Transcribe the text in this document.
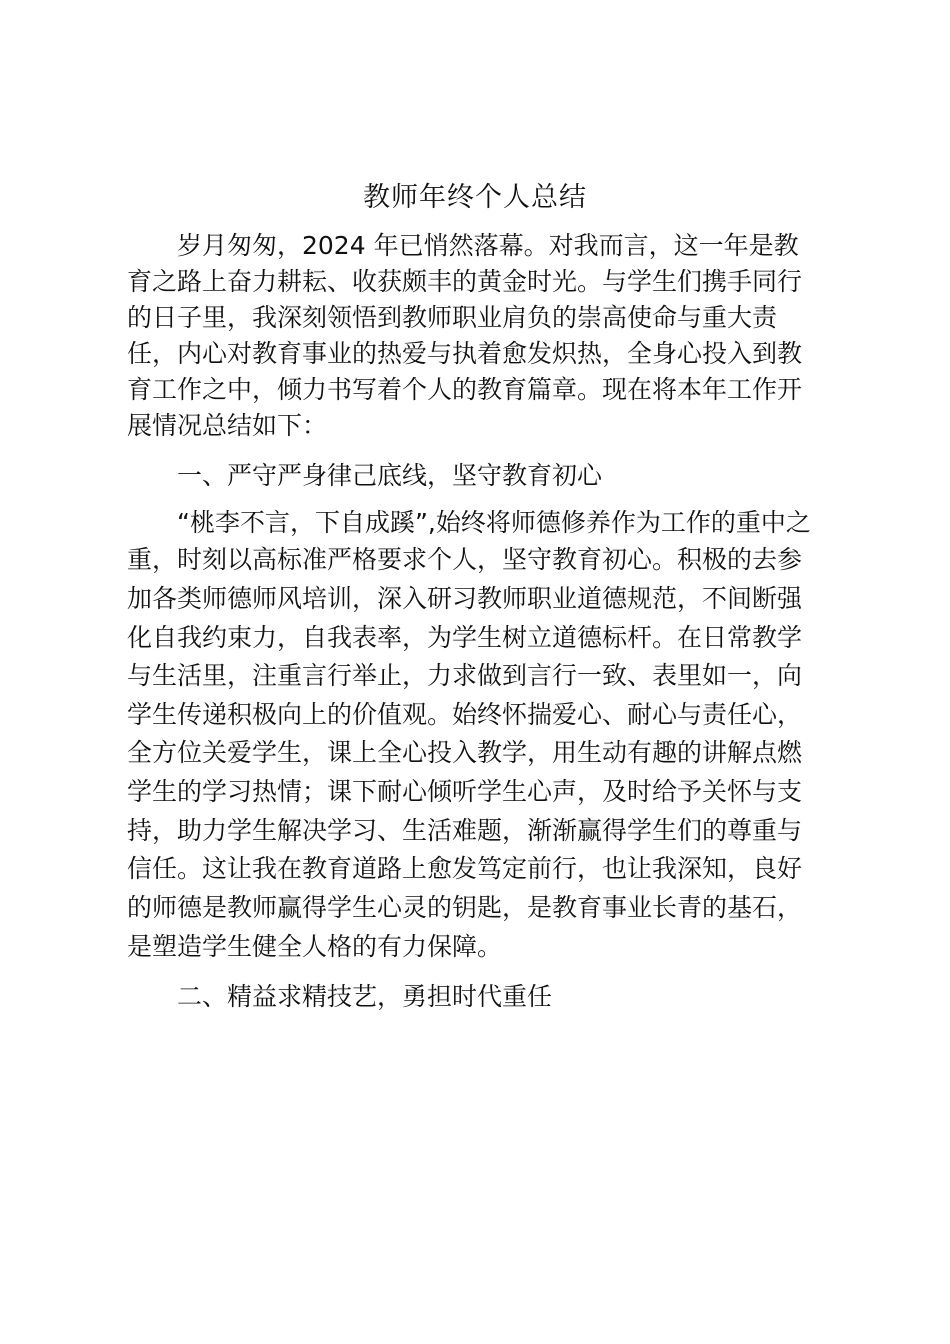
教师年终个人总结

岁月匆匆，2024 年已悄然落幕。对我而言，这一年是教

育之路上奋力耕耘、收获颇丰的黄金时光。与学生们携手同行

的日子里，我深刻领悟到教师职业肩负的崇高使命与重大责

任，内心对教育事业的热爱与执着愈发炽热，全身心投入到教

育工作之中，倾力书写着个人的教育篇章。现在将本年工作开

展情况总结如下：

一、严守严身律己底线，坚守教育初心

“桃李不言，下自成蹊”,始终将师德修养作为工作的重中之

重，时刻以高标准严格要求个人，坚守教育初心。积极的去参

加各类师德师风培训，深入研习教师职业道德规范，不间断强

化自我约束力，自我表率，为学生树立道德标杆。在日常教学

与生活里，注重言行举止，力求做到言行一致、表里如一，向

学生传递积极向上的价值观。始终怀揣爱心、耐心与责任心，

全方位关爱学生，课上全心投入教学，用生动有趣的讲解点燃

学生的学习热情；课下耐心倾听学生心声，及时给予关怀与支

持，助力学生解决学习、生活难题，渐渐赢得学生们的尊重与

信任。这让我在教育道路上愈发笃定前行，也让我深知，良好

的师德是教师赢得学生心灵的钥匙，是教育事业长青的基石，

是塑造学生健全人格的有力保障。

二、精益求精技艺，勇担时代重任
